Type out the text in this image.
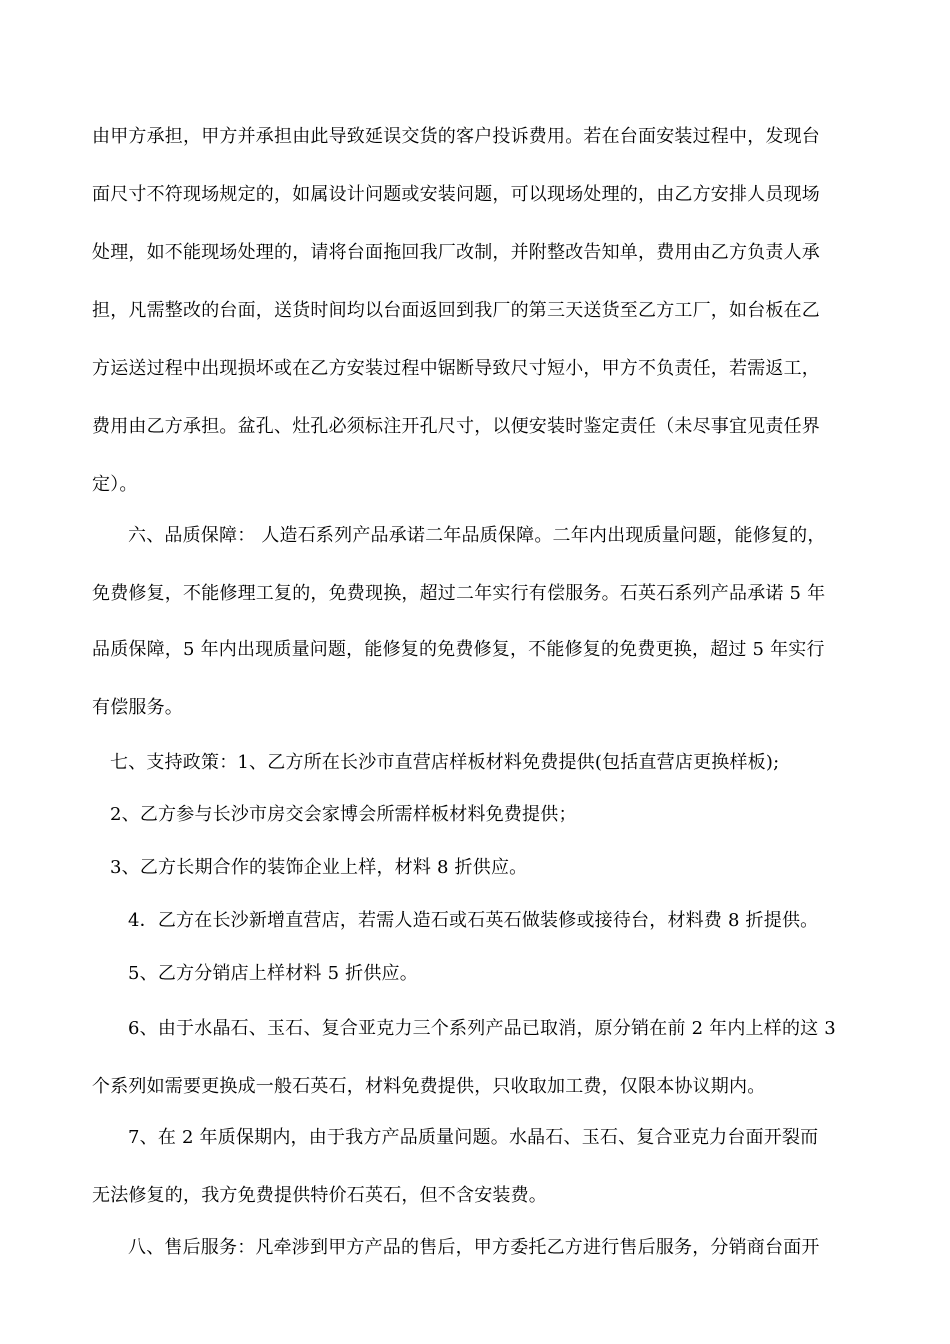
由甲方承担，甲方并承担由此导致延误交货的客户投诉费用。若在台面安装过程中，发现台
面尺寸不符现场规定的，如属设计问题或安装问题，可以现场处理的，由乙方安排人员现场
处理，如不能现场处理的，请将台面拖回我厂改制，并附整改告知单，费用由乙方负责人承
担，凡需整改的台面，送货时间均以台面返回到我厂的第三天送货至乙方工厂，如台板在乙
方运送过程中出现损坏或在乙方安装过程中锯断导致尺寸短小，甲方不负责任，若需返工，
费用由乙方承担。盆孔、灶孔必须标注开孔尺寸，以便安装时鉴定责任（未尽事宜见责任界
定）。
六、品质保障： 人造石系列产品承诺二年品质保障。二年内出现质量问题，能修复的，
免费修复，不能修理工复的，免费现换，超过二年实行有偿服务。石英石系列产品承诺 5 年
品质保障，5 年内出现质量问题，能修复的免费修复，不能修复的免费更换，超过 5 年实行
有偿服务。
七、支持政策：1、乙方所在长沙市直营店样板材料免费提供(包括直营店更换样板);
2、乙方参与长沙市房交会家博会所需样板材料免费提供；
3、乙方长期合作的装饰企业上样，材料 8 折供应。
4．乙方在长沙新增直营店，若需人造石或石英石做装修或接待台，材料费 8 折提供。
5、乙方分销店上样材料 5 折供应。
6、由于水晶石、玉石、复合亚克力三个系列产品已取消，原分销在前 2 年内上样的这 3
个系列如需要更换成一般石英石，材料免费提供，只收取加工费，仅限本协议期内。
7、在 2 年质保期内，由于我方产品质量问题。水晶石、玉石、复合亚克力台面开裂而
无法修复的，我方免费提供特价石英石，但不含安装费。
八、售后服务：凡牵涉到甲方产品的售后，甲方委托乙方进行售后服务，分销商台面开
